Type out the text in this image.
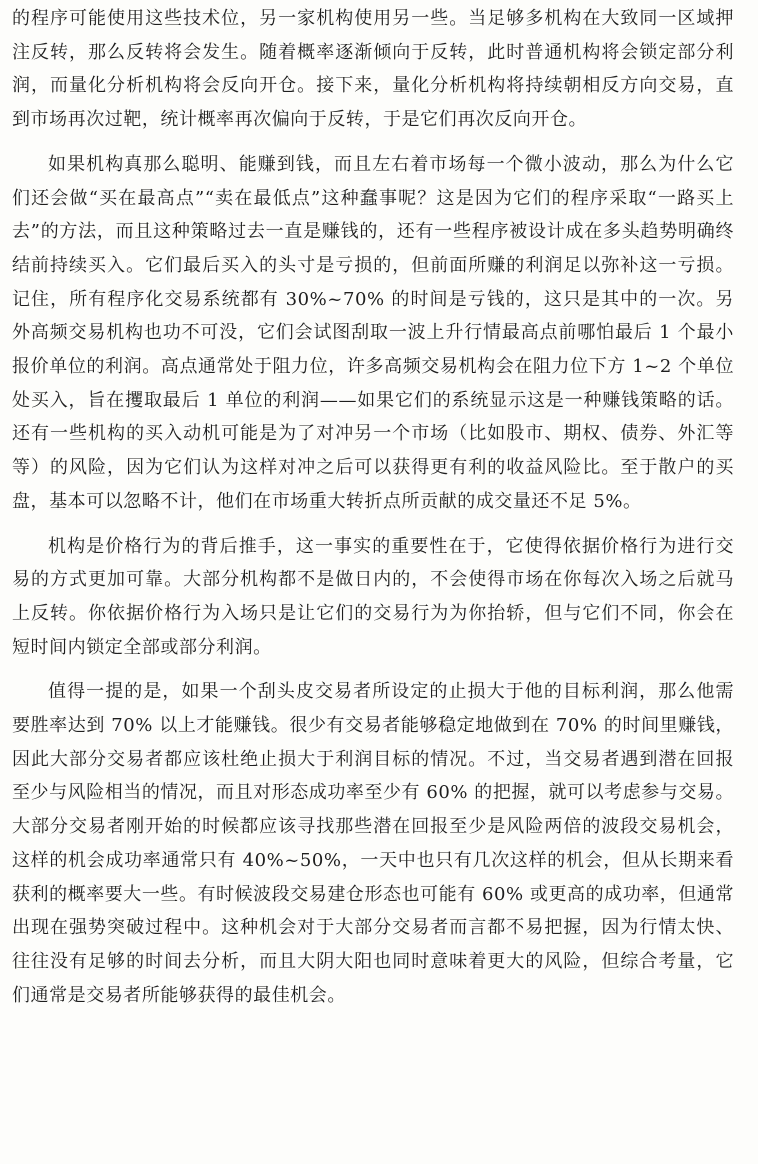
的程序可能使用这些技术位，另一家机构使用另一些。当足够多机构在大致同一区域押注反转，那么反转将会发生。随着概率逐渐倾向于反转，此时普通机构将会锁定部分利润，而量化分析机构将会反向开仓。接下来，量化分析机构将持续朝相反方向交易，直到市场再次过靶，统计概率再次偏向于反转，于是它们再次反向开仓。

如果机构真那么聪明、能赚到钱，而且左右着市场每一个微小波动，那么为什么它们还会做“买在最高点”“卖在最低点”这种蠢事呢？这是因为它们的程序采取“一路买上去”的方法，而且这种策略过去一直是赚钱的，还有一些程序被设计成在多头趋势明确终结前持续买入。它们最后买入的头寸是亏损的，但前面所赚的利润足以弥补这一亏损。记住，所有程序化交易系统都有 30%~70% 的时间是亏钱的，这只是其中的一次。另外高频交易机构也功不可没，它们会试图刮取一波上升行情最高点前哪怕最后 1 个最小报价单位的利润。高点通常处于阻力位，许多高频交易机构会在阻力位下方 1~2 个单位处买入，旨在攫取最后 1 单位的利润——如果它们的系统显示这是一种赚钱策略的话。还有一些机构的买入动机可能是为了对冲另一个市场（比如股市、期权、债券、外汇等等）的风险，因为它们认为这样对冲之后可以获得更有利的收益风险比。至于散户的买盘，基本可以忽略不计，他们在市场重大转折点所贡献的成交量还不足 5%。

机构是价格行为的背后推手，这一事实的重要性在于，它使得依据价格行为进行交易的方式更加可靠。大部分机构都不是做日内的，不会使得市场在你每次入场之后就马上反转。你依据价格行为入场只是让它们的交易行为为你抬轿，但与它们不同，你会在短时间内锁定全部或部分利润。

值得一提的是，如果一个刮头皮交易者所设定的止损大于他的目标利润，那么他需要胜率达到 70% 以上才能赚钱。很少有交易者能够稳定地做到在 70% 的时间里赚钱，因此大部分交易者都应该杜绝止损大于利润目标的情况。不过，当交易者遇到潜在回报至少与风险相当的情况，而且对形态成功率至少有 60% 的把握，就可以考虑参与交易。大部分交易者刚开始的时候都应该寻找那些潜在回报至少是风险两倍的波段交易机会，这样的机会成功率通常只有 40%~50%，一天中也只有几次这样的机会，但从长期来看获利的概率要大一些。有时候波段交易建仓形态也可能有 60% 或更高的成功率，但通常出现在强势突破过程中。这种机会对于大部分交易者而言都不易把握，因为行情太快、往往没有足够的时间去分析，而且大阴大阳也同时意味着更大的风险，但综合考量，它们通常是交易者所能够获得的最佳机会。
